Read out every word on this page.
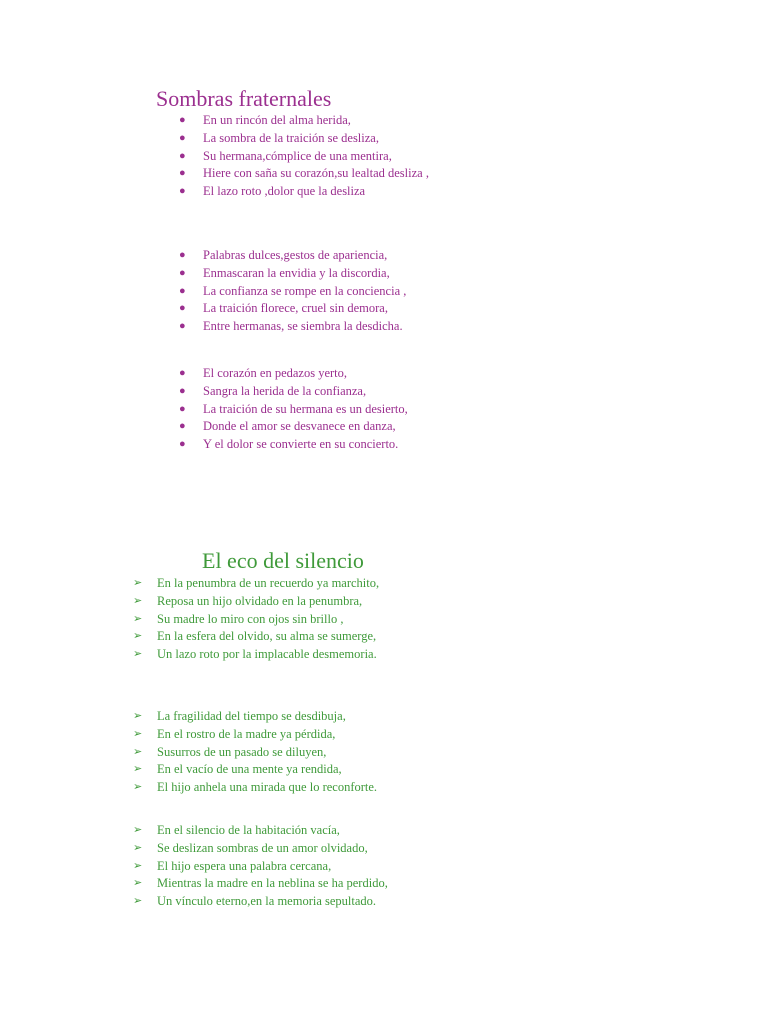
Sombras fraternales
● En un rincón del alma herida,
● La sombra de la traición se desliza,
● Su hermana,cómplice de una mentira,
● Hiere con saña su corazón,su lealtad desliza ,
● El lazo roto ,dolor que la desliza
● Palabras dulces,gestos de apariencia,
● Enmascaran la envidia y la discordia,
● La confianza se rompe en la conciencia ,
● La traición florece, cruel sin demora,
● Entre hermanas, se siembra la desdicha.
● El corazón en pedazos yerto,
● Sangra la herida de la confianza,
● La traición de su hermana es un desierto,
● Donde el amor se desvanece en danza,
● Y el dolor se convierte en su concierto.
El eco del silencio
➢ En la penumbra de un recuerdo ya marchito,
➢ Reposa un hijo olvidado en la penumbra,
➢ Su madre lo miro con ojos sin brillo ,
➢ En la esfera del olvido, su alma se sumerge,
➢ Un lazo roto por la implacable desmemoria.
➢ La fragilidad del tiempo se desdibuja,
➢ En el rostro de la madre ya pérdida,
➢ Susurros de un pasado se diluyen,
➢ En el vacío de una mente ya rendida,
➢ El hijo anhela una mirada que lo reconforte.
➢ En el silencio de la habitación vacía,
➢ Se deslizan sombras de un amor olvidado,
➢ El hijo espera una palabra cercana,
➢ Mientras la madre en la neblina se ha perdido,
➢ Un vínculo eterno,en la memoria sepultado.
